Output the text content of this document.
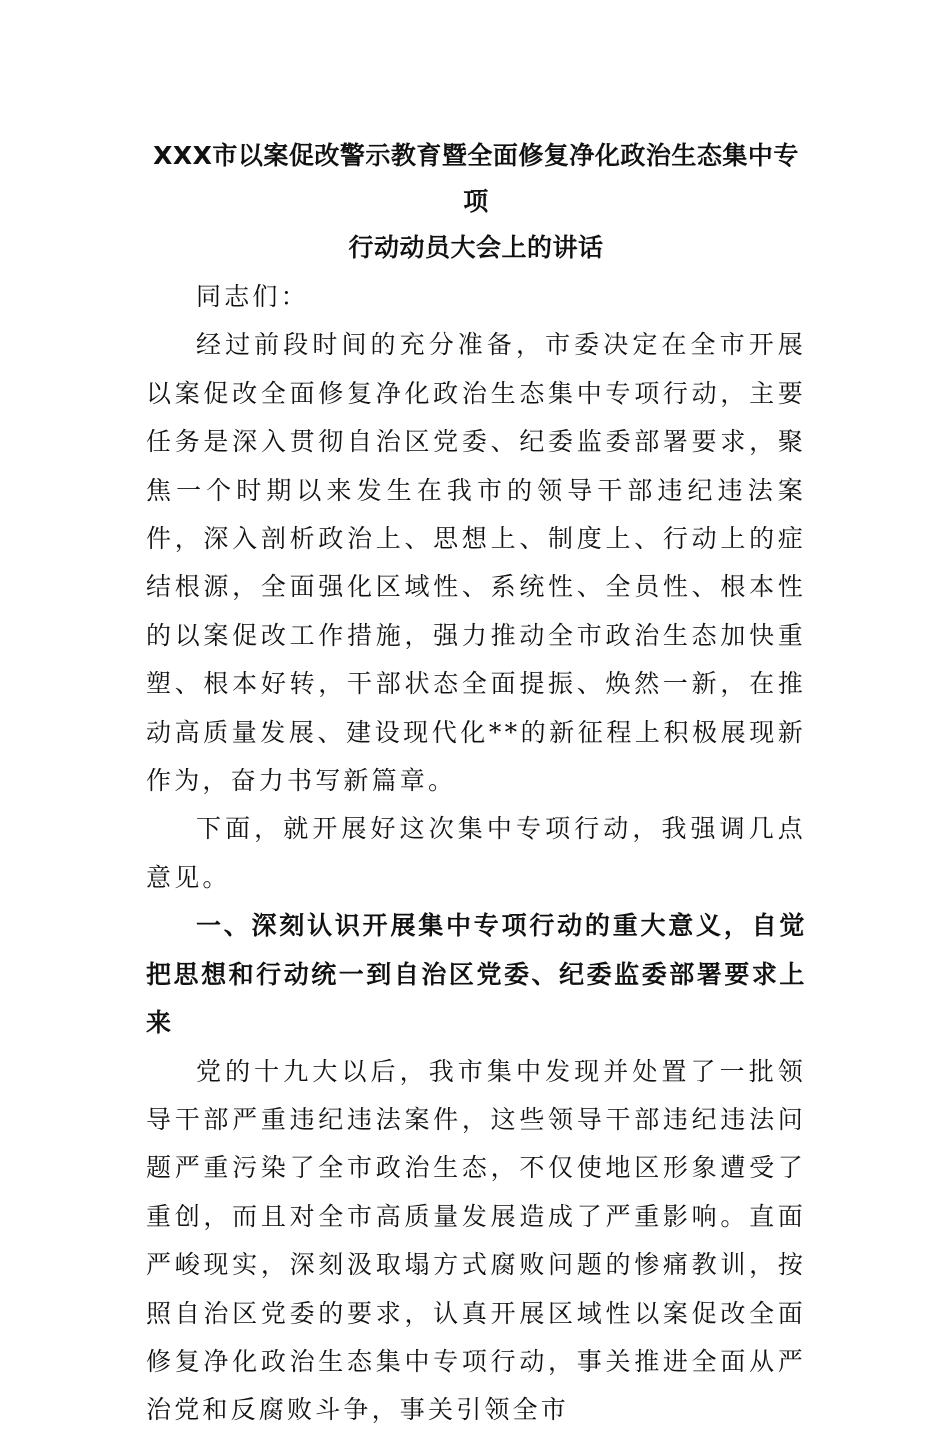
XXX市以案促改警示教育暨全面修复净化政治生态集中专项
行动动员大会上的讲话

同志们：

经过前段时间的充分准备，市委决定在全市开展以案促改全面修复净化政治生态集中专项行动，主要任务是深入贯彻自治区党委、纪委监委部署要求，聚焦一个时期以来发生在我市的领导干部违纪违法案件，深入剖析政治上、思想上、制度上、行动上的症结根源，全面强化区域性、系统性、全员性、根本性的以案促改工作措施，强力推动全市政治生态加快重塑、根本好转，干部状态全面提振、焕然一新，在推动高质量发展、建设现代化**的新征程上积极展现新作为，奋力书写新篇章。

下面，就开展好这次集中专项行动，我强调几点意见。

一、深刻认识开展集中专项行动的重大意义，自觉把思想和行动统一到自治区党委、纪委监委部署要求上来

党的十九大以后，我市集中发现并处置了一批领导干部严重违纪违法案件，这些领导干部违纪违法问题严重污染了全市政治生态，不仅使地区形象遭受了重创，而且对全市高质量发展造成了严重影响。直面严峻现实，深刻汲取塌方式腐败问题的惨痛教训，按照自治区党委的要求，认真开展区域性以案促改全面修复净化政治生态集中专项行动，事关推进全面从严治党和反腐败斗争，事关引领全市
